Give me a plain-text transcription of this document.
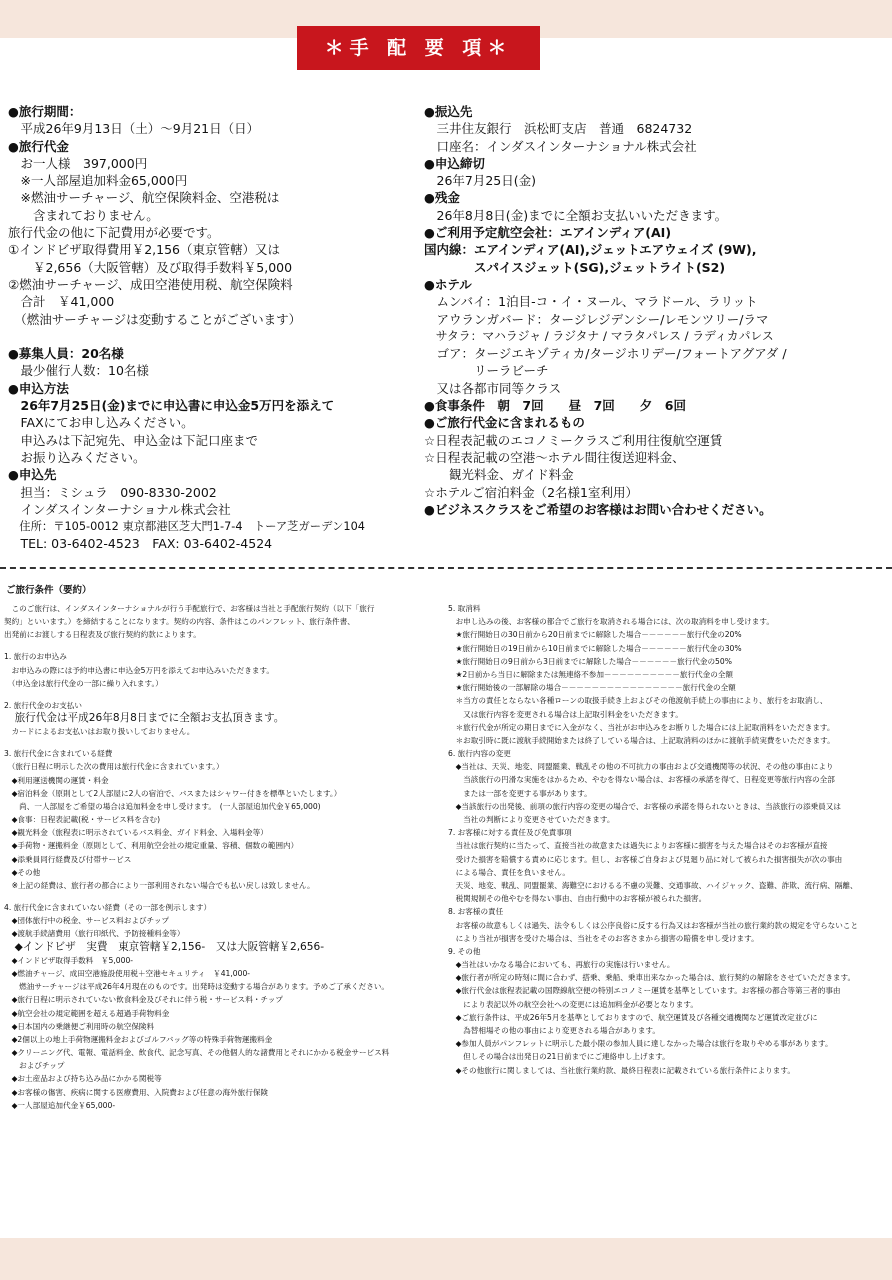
＊手 配 要 項＊
●旅行期間：
　平成26年9月13日（土）～9月21日（日）
●旅行代金
　お一人様　397,000円
　※一人部屋追加料金65,000円
　※燃油サーチャージ、航空保険料金、空港税は
　　含まれておりません。
旅行代金の他に下記費用が必要です。
①インドビザ取得費用￥2,156（東京管轄）又は
　　￥2,656（大阪管轄）及び取得手数料￥5,000
②燃油サーチャージ、成田空港使用税、航空保険料
　合計　￥41,000
　（燃油サーチャージは変動することがございます）
●募集人員：20名様
　最少催行人数：10名様
●申込方法
　26年7月25日(金)までに申込書に申込金5万円を添えて
　FAXにてお申し込みください。
　申込みは下記宛先、申込金は下記口座まで
　お振り込みください。
●申込先
　担当：ミシュラ　090-8330-2002
　インダスインターナショナル株式会社
　住所：〒105-0012 東京都港区芝大門1-7-4　トーア芝ガーデン104
　TEL: 03-6402-4523　FAX: 03-6402-4524
●振込先
　三井住友銀行　浜松町支店　普通　6824732
　口座名：インダスインターナショナル株式会社
●申込締切
　26年7月25日(金)
●残金
　26年8月8日(金)までに全額お支払いいただきます。
●ご利用予定航空会社：エアインディア(AI)
国内線：エアインディア(AI),ジェットエアウェイズ (9W),
　　　　スパイスジェット(SG),ジェットライト(S2)
●ホテル
　ムンバイ：1泊目-コ・イ・ヌール、マラドール、ラリット
　アウランガバード：タージレジデンシー/レモンツリー/ラマ
　サタラ：マハラジャ / ラジタナ / マラタパレス / ラディカパレス
　ゴア：タージエキゾティカ/タージホリデー/フォートアグアダ /
　　　　リーラビーチ
　又は各都市同等クラス
●食事条件　朝　7回　　昼　7回　　夕　6回
●ご旅行代金に含まれるもの
☆日程表記載のエコノミークラスご利用往復航空運賃
☆日程表記載の空港～ホテル間往復送迎料金、
　　観光料金、ガイド料金
☆ホテルご宿泊料金（2名様1室利用）
●ビジネスクラスをご希望のお客様はお問い合わせください。
ご旅行条件（要約）
　このご旅行は、インダスインターナショナルが行う手配旅行で、お客様は当社と手配旅行契約（以下「旅行
契約」といいます。）を締結することになります。契約の内容、条件はこのパンフレット、旅行条件書、
出発前にお渡しする日程表及び旅行契約約款によります。
1. 旅行のお申込み
　お申込みの際には予約申込書に申込金5万円を添えてお申込みいただきます。
　（申込金は旅行代金の一部に繰り入れます。）
2. 旅行代金のお支払い
　旅行代金は平成26年8月8日までに全額お支払頂きます。
　カードによるお支払いはお取り扱いしておりません。
3. 旅行代金に含まれている経費
　（旅行日程に明示した次の費用は旅行代金に含まれています。）
　◆利用運送機関の運賃・料金
　◆宿泊料金（原則として2人部屋に2人の宿泊で、バスまたはシャワー付きを標準といたします。）
　　尚、一人部屋をご希望の場合は追加料金を申し受けます。　(一人部屋追加代金￥65,000)
　◆食事：日程表記載(税・サービス料を含む)
　◆観光料金（旅程表に明示されているバス料金、ガイド料金、入場料金等）
　◆手荷物・運搬料金（原則として、利用航空会社の規定重量、容積、個数の範囲内）
　◆添乗員同行経費及び付帯サービス
　◆その他
　※上記の経費は、旅行者の都合により一部利用されない場合でも払い戻しは致しません。
4. 旅行代金に含まれていない経費（その一部を例示します）
　◆団体旅行中の税金、サービス料およびチップ
　◆渡航手続諸費用（旅行印紙代、予防接種料金等）
　◆インドビザ　実費　東京管轄￥2,156-　又は大阪管轄￥2,656-
　◆インドビザ取得手数料　￥5,000-
　◆燃油チャージ、成田空港施設使用税＋空港セキュリティ　￥41,000-
　　燃油サーチャージは平成26年4月現在のものです。出発時は変動する場合があります。予めご了承ください。
　◆旅行日程に明示されていない飲食料金及びそれに伴う税・サービス料・チップ
　◆航空会社の規定範囲を超える超過手荷物料金
　◆日本国内の乗継便ご利用時の航空保険料
　◆2個以上の地上手荷物運搬料金およびゴルフバッグ等の特殊手荷物運搬料金
　◆クリーニング代、電報、電話料金、飲食代、記念写真、その他個人的な諸費用とそれにかかる税金サービス料
　　およびチップ
　◆お土産品および持ち込み品にかかる関税等
　◆お客様の傷害、疾病に関する医療費用、入院費および任意の海外旅行保険
　◆一人部屋追加代金￥65,000-
5. 取消料
　お申し込みの後、お客様の都合でご旅行を取消される場合には、次の取消料を申し受けます。
　★旅行開始日の30日前から20日前までに解除した場合－－－－－－旅行代金の20%
　★旅行開始日の19日前から10日前までに解除した場合－－－－－－旅行代金の30%
　★旅行開始日の9日前から3日前までに解除した場合－－－－－－旅行代金の50%
　★2日前から当日に解除または無連絡不参加－－－－－－－－－－旅行代金の全額
　★旅行開始後の一部解除の場合－－－－－－－－－－－－－－－－旅行代金の全額
　＊当方の責任とならない各種ローンの取扱手続き上およびその他渡航手続上の事由により、旅行をお取消し、
　　又は旅行内容を変更される場合は上記取引料金をいただきます。
　＊旅行代金が所定の期日までに入金がなく、当社がお申込みをお断りした場合には上記取消料をいただきます。
　＊お取引時に既に渡航手続開始または終了している場合は、上記取消料のほかに渡航手続実費をいただきます。
6. 旅行内容の変更
　◆当社は、天災、地変、同盟罷業、戦乱その他の不可抗力の事由および交通機関等の状況、その他の事由により
　　当該旅行の円滑な実施をはかるため、やむを得ない場合は、お客様の承諾を得て、日程変更等旅行内容の全部
　　または一部を変更する事があります。
　◆当該旅行の出発後、前項の旅行内容の変更の場合で、お客様の承諾を得られないときは、当該旅行の添乗員又は
　　当社の判断により変更させていただきます。
7. お客様に対する責任及び免責事項
　当社は旅行契約に当たって、直接当社の故意または過失によりお客様に損害を与えた場合はそのお客様が直接
　受けた損害を賠償する責めに応じます。但し、お客様ご自身および見廻り品に対して被られた損害損失が次の事由
　による場合、責任を負いません。
　天災、地変、戦乱、同盟罷業、海難空におけるる不慮の災難、交通事故、ハイジャック、盗難、詐欺、流行病、隔離、
　税関規制その他やむを得ない事由、自由行動中のお客様が被られた損害。
8. お客様の責任
　お客様の故意もしくは過失、法令もしくは公序良俗に反する行為又はお客様が当社の旅行業約款の規定を守らないこと
　により当社が損害を受けた場合は、当社をそのお客さまから損害の賠償を申し受けます。
9. その他
　◆当社はいかなる場合においても、再旅行の実施は行いません。
　◆旅行者が所定の時刻に間に合わず、搭乗、乗船、乗車出来なかった場合は、旅行契約の解除をさせていただきます。
　◆旅行代金は旅程表記載の国際線航空便の特別エコノミー運賃を基準としています。お客様の都合等第三者的事由
　　により表記以外の航空会社への変更には追加料金が必要となります。
　◆ご旅行条件は、平成26年5月を基準としておりますので、航空運賃及び各種交通機関など運賃改定並びに
　　為替相場その他の事由により変更される場合があります。
　◆参加人員がパンフレットに明示した最小限の参加人員に達しなかった場合は旅行を取りやめる事があります。
　　但しその場合は出発日の21日前までにご連絡申し上げます。
　◆その他旅行に関しましては、当社旅行業約款、最終日程表に記載されている旅行条件によります。
